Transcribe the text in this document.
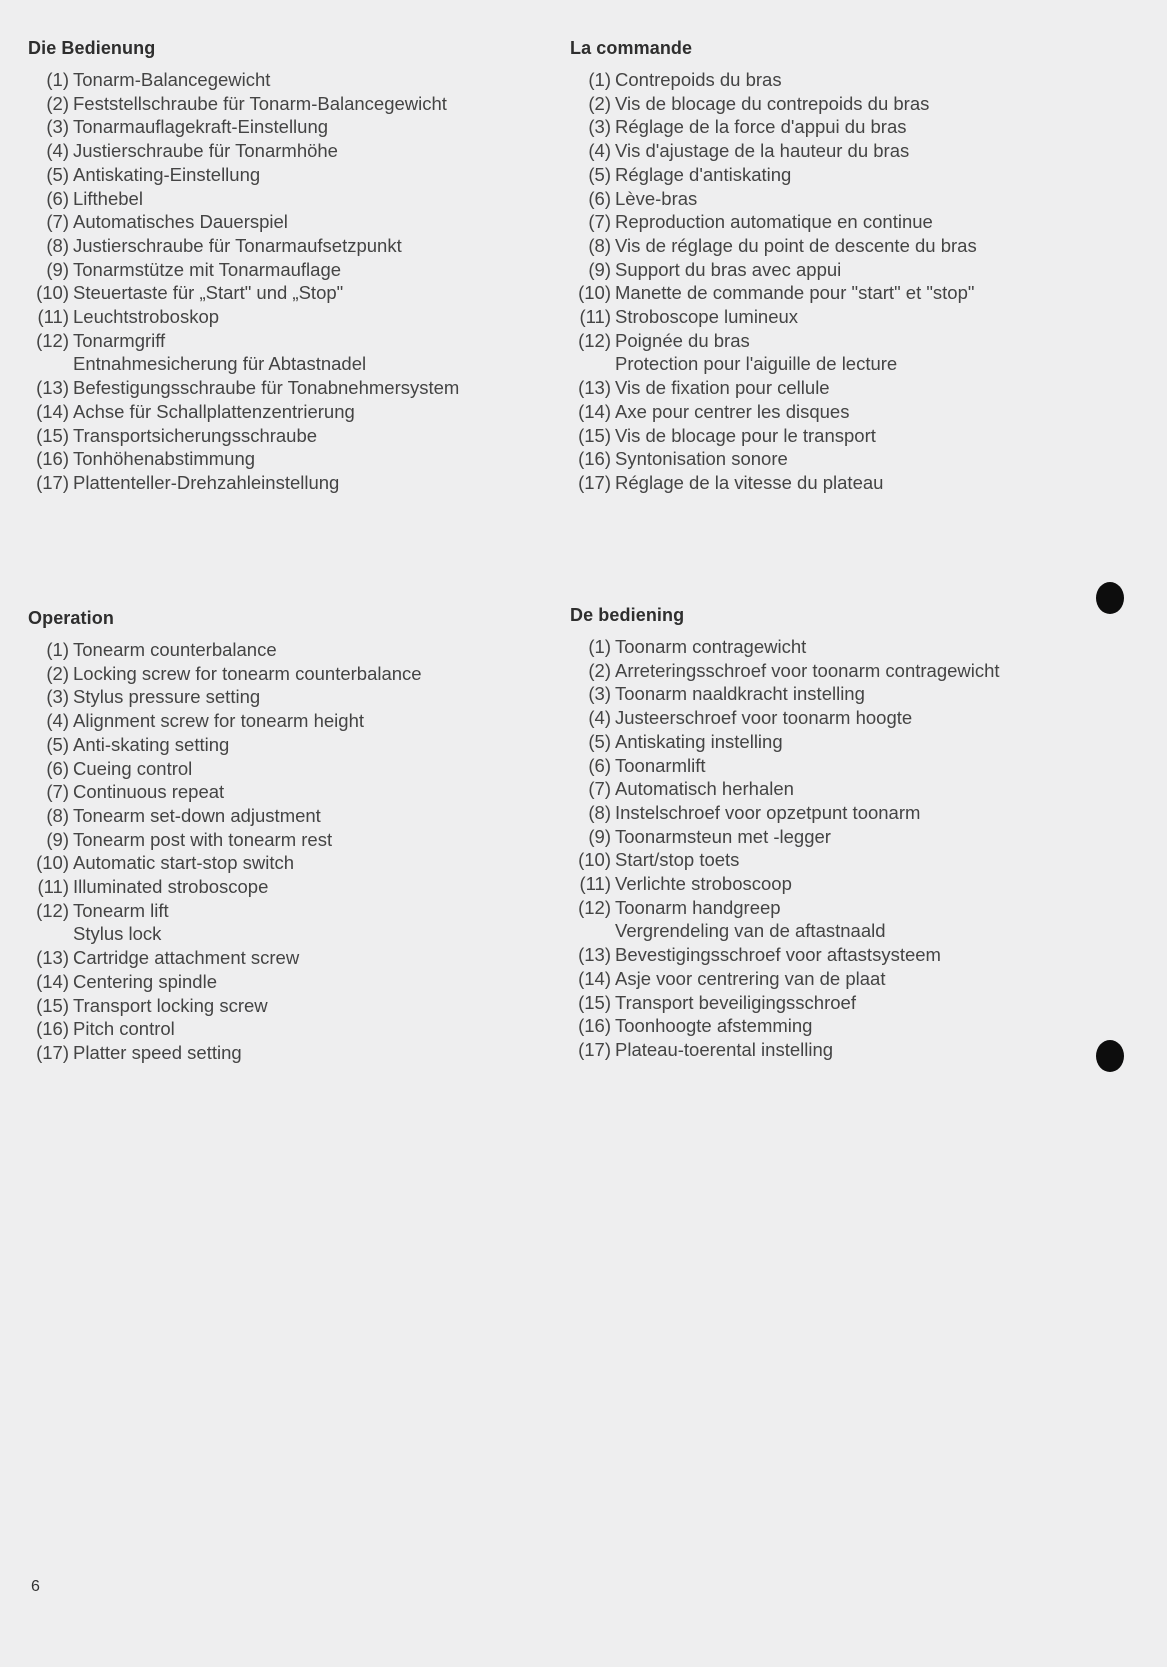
Die Bedienung
(1) Tonarm-Balancegewicht
(2) Feststellschraube für Tonarm-Balancegewicht
(3) Tonarmauflagekraft-Einstellung
(4) Justierschraube für Tonarmhöhe
(5) Antiskating-Einstellung
(6) Lifthebel
(7) Automatisches Dauerspiel
(8) Justierschraube für Tonarmaufsetzpunkt
(9) Tonarmstütze mit Tonarmauflage
(10) Steuertaste für „Start" und „Stop"
(11) Leuchtstroboskop
(12) Tonarmgriff
Entnahmesicherung für Abtastnadel
(13) Befestigungsschraube für Tonabnehmersystem
(14) Achse für Schallplattenzentrierung
(15) Transportsicherungsschraube
(16) Tonhöhenabstimmung
(17) Plattenteller-Drehzahleinstellung
La commande
(1) Contrepoids du bras
(2) Vis de blocage du contrepoids du bras
(3) Réglage de la force d'appui du bras
(4) Vis d'ajustage de la hauteur du bras
(5) Réglage d'antiskating
(6) Lève-bras
(7) Reproduction automatique en continue
(8) Vis de réglage du point de descente du bras
(9) Support du bras avec appui
(10) Manette de commande pour "start" et "stop"
(11) Stroboscope lumineux
(12) Poignée du bras
Protection pour l'aiguille de lecture
(13) Vis de fixation pour cellule
(14) Axe pour centrer les disques
(15) Vis de blocage pour le transport
(16) Syntonisation sonore
(17) Réglage de la vitesse du plateau
Operation
(1) Tonearm counterbalance
(2) Locking screw for tonearm counterbalance
(3) Stylus pressure setting
(4) Alignment screw for tonearm height
(5) Anti-skating setting
(6) Cueing control
(7) Continuous repeat
(8) Tonearm set-down adjustment
(9) Tonearm post with tonearm rest
(10) Automatic start-stop switch
(11) Illuminated stroboscope
(12) Tonearm lift
Stylus lock
(13) Cartridge attachment screw
(14) Centering spindle
(15) Transport locking screw
(16) Pitch control
(17) Platter speed setting
De bediening
(1) Toonarm contragewicht
(2) Arreteringsschroef voor toonarm contragewicht
(3) Toonarm naaldkracht instelling
(4) Justeerschroef voor toonarm hoogte
(5) Antiskating instelling
(6) Toonarmlift
(7) Automatisch herhalen
(8) Instelschroef voor opzetpunt toonarm
(9) Toonarmsteun met -legger
(10) Start/stop toets
(11) Verlichte stroboscoop
(12) Toonarm handgreep
Vergrendeling van de aftastnaald
(13) Bevestigingsschroef voor aftastsysteem
(14) Asje voor centrering van de plaat
(15) Transport beveiligingsschroef
(16) Toonhoogte afstemming
(17) Plateau-toerental instelling
6
